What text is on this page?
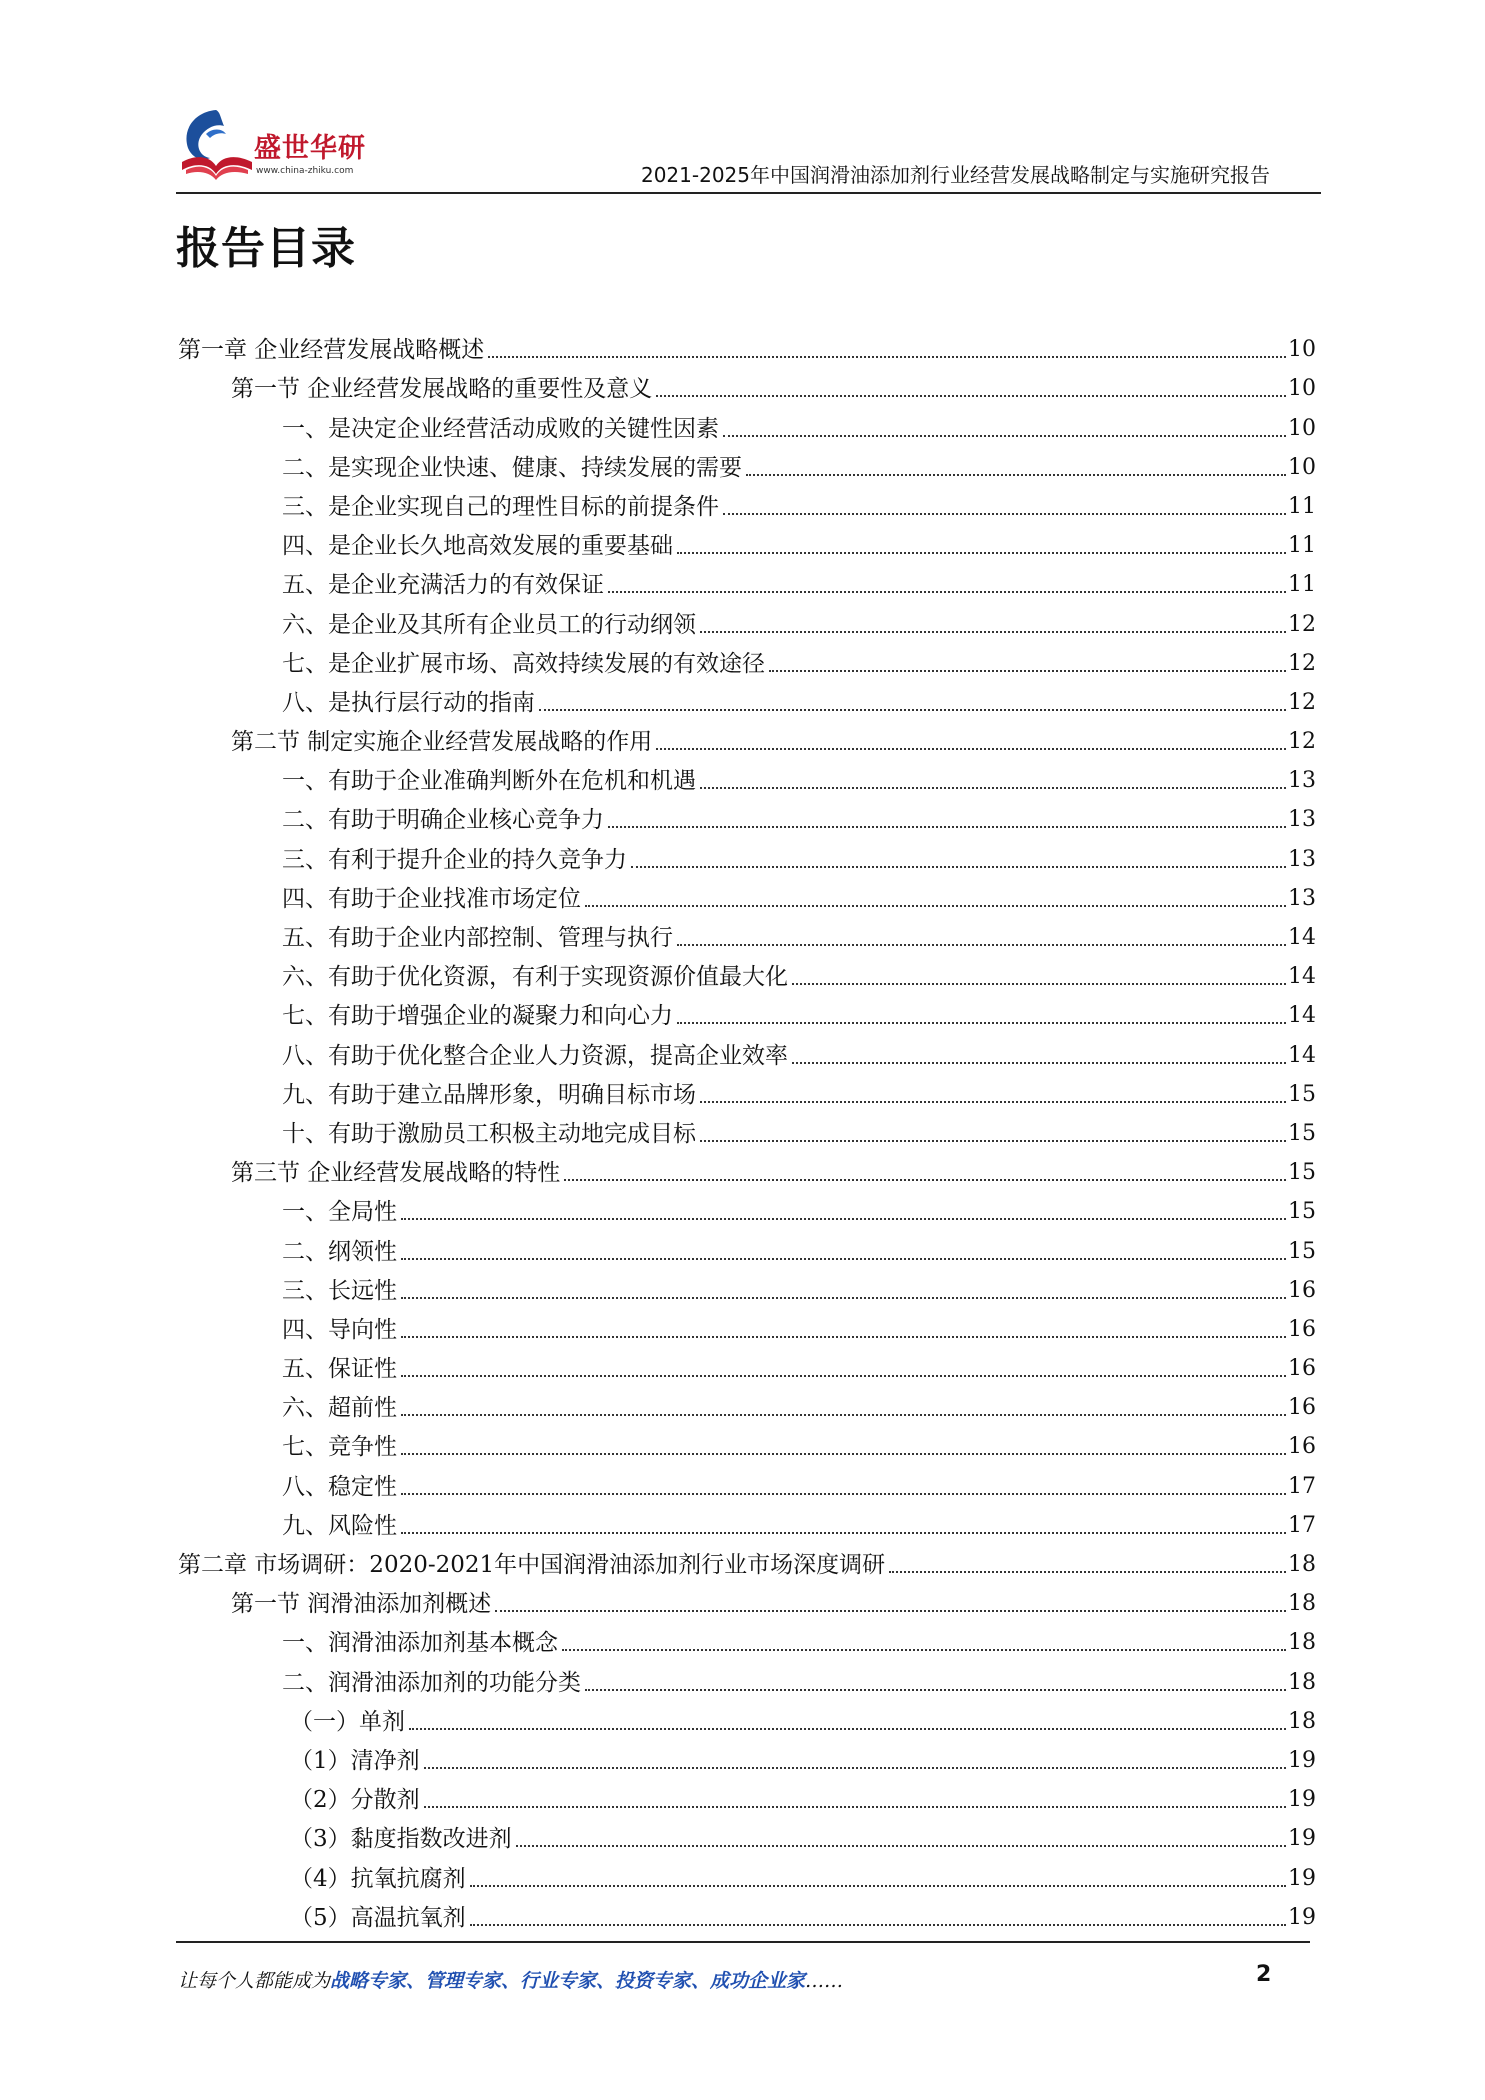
盛世华研
www.china-zhiku.com	2021-2025年中国润滑油添加剂行业经营发展战略制定与实施研究报告
报告目录
第一章 企业经营发展战略概述	10
第一节 企业经营发展战略的重要性及意义	10
一、是决定企业经营活动成败的关键性因素	10
二、是实现企业快速、健康、持续发展的需要	10
三、是企业实现自己的理性目标的前提条件	11
四、是企业长久地高效发展的重要基础	11
五、是企业充满活力的有效保证	11
六、是企业及其所有企业员工的行动纲领	12
七、是企业扩展市场、高效持续发展的有效途径	12
八、是执行层行动的指南	12
第二节 制定实施企业经营发展战略的作用	12
一、有助于企业准确判断外在危机和机遇	13
二、有助于明确企业核心竞争力	13
三、有利于提升企业的持久竞争力	13
四、有助于企业找准市场定位	13
五、有助于企业内部控制、管理与执行	14
六、有助于优化资源，有利于实现资源价值最大化	14
七、有助于增强企业的凝聚力和向心力	14
八、有助于优化整合企业人力资源，提高企业效率	14
九、有助于建立品牌形象，明确目标市场	15
十、有助于激励员工积极主动地完成目标	15
第三节 企业经营发展战略的特性	15
一、全局性	15
二、纲领性	15
三、长远性	16
四、导向性	16
五、保证性	16
六、超前性	16
七、竞争性	16
八、稳定性	17
九、风险性	17
第二章 市场调研：2020-2021年中国润滑油添加剂行业市场深度调研	18
第一节 润滑油添加剂概述	18
一、润滑油添加剂基本概念	18
二、润滑油添加剂的功能分类	18
（一）单剂	18
（1）清净剂	19
（2）分散剂	19
（3）黏度指数改进剂	19
（4）抗氧抗腐剂	19
（5）高温抗氧剂	19
让每个人都能成为战略专家、管理专家、行业专家、投资专家、成功企业家……	2
